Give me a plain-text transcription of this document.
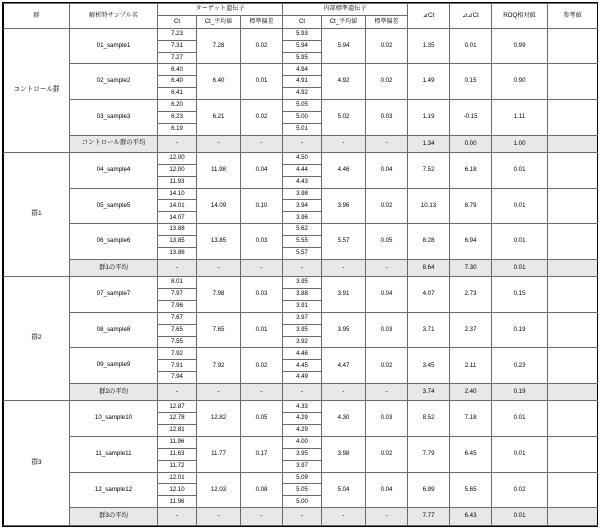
群	解析時サンプル名	ターゲット遺伝子			内部標準遺伝子			⊿Ct	⊿⊿Ct	ROQ相対値	参考値
		Ct	Ct_平均値	標準偏差	Ct	Ct_平均値	標準偏差				
コントロール群	01_sample1	7.23	7.28	0.02	5.93	5.94	0.02	1.35	0.01	0.99	
		7.31			5.94						
		7.27			5.95						
	02_sample2	6.40	6.40	0.01	4.94	4.92	0.02	1.49	0.15	0.90	
		6.40			4.91						
		6.41			4.92						
	03_sample3	6.20	6.21	0.02	5.05	5.02	0.03	1.19	-0.15	1.11	
		6.23			5.00						
		6.19			5.01						
	コントロール群の平均	-	-	-	-	-	-	1.34	0.00	1.00	
群1	04_sample4	12.00	11.98	0.04	4.50	4.46	0.04	7.52	6.18	0.01	
		12.00			4.44						
		11.93			4.43						
	05_sample5	14.10	14.09	0.10	3.98	3.96	0.02	10.13	8.79	0.01	
		14.01			3.94						
		14.07			3.96						
	06_sample6	13.88	13.85	0.03	5.62	5.57	0.05	8.28	6.94	0.01	
		13.85			5.55						
		13.86			5.57						
	群1の平均	-	-	-	-	-	-	8.64	7.30	0.01	
群2	07_sample7	8.01	7.98	0.03	3.95	3.91	0.04	4.07	2.73	0.15	
		7.97			3.88						
		7.96			3.91						
	08_sample8	7.67	7.65	0.01	3.97	3.95	0.03	3.71	2.37	0.19	
		7.65			3.95						
		7.55			3.92						
	09_sample9	7.92	7.92	0.02	4.46	4.47	0.02	3.45	2.11	0.23	
		7.91			4.45						
		7.94			4.49						
	群2の平均	-	-	-	-	-	-	3.74	2.40	0.19	
群3	10_sample10	12.87	12.82	0.05	4.33	4.30	0.03	8.52	7.18	0.01	
		12.78			4.29						
		12.81			4.29						
	11_sample11	11.96	11.77	0.17	4.00	3.98	0.02	7.79	6.45	0.01	
		11.63			3.95						
		11.72			3.97						
	12_sample12	12.01	12.03	0.08	5.09	5.04	0.04	6.99	5.65	0.02	
		12.10			5.05						
		11.96			5.00						
	群3の平均	-	-	-	-	-	-	7.77	6.43	0.01	
